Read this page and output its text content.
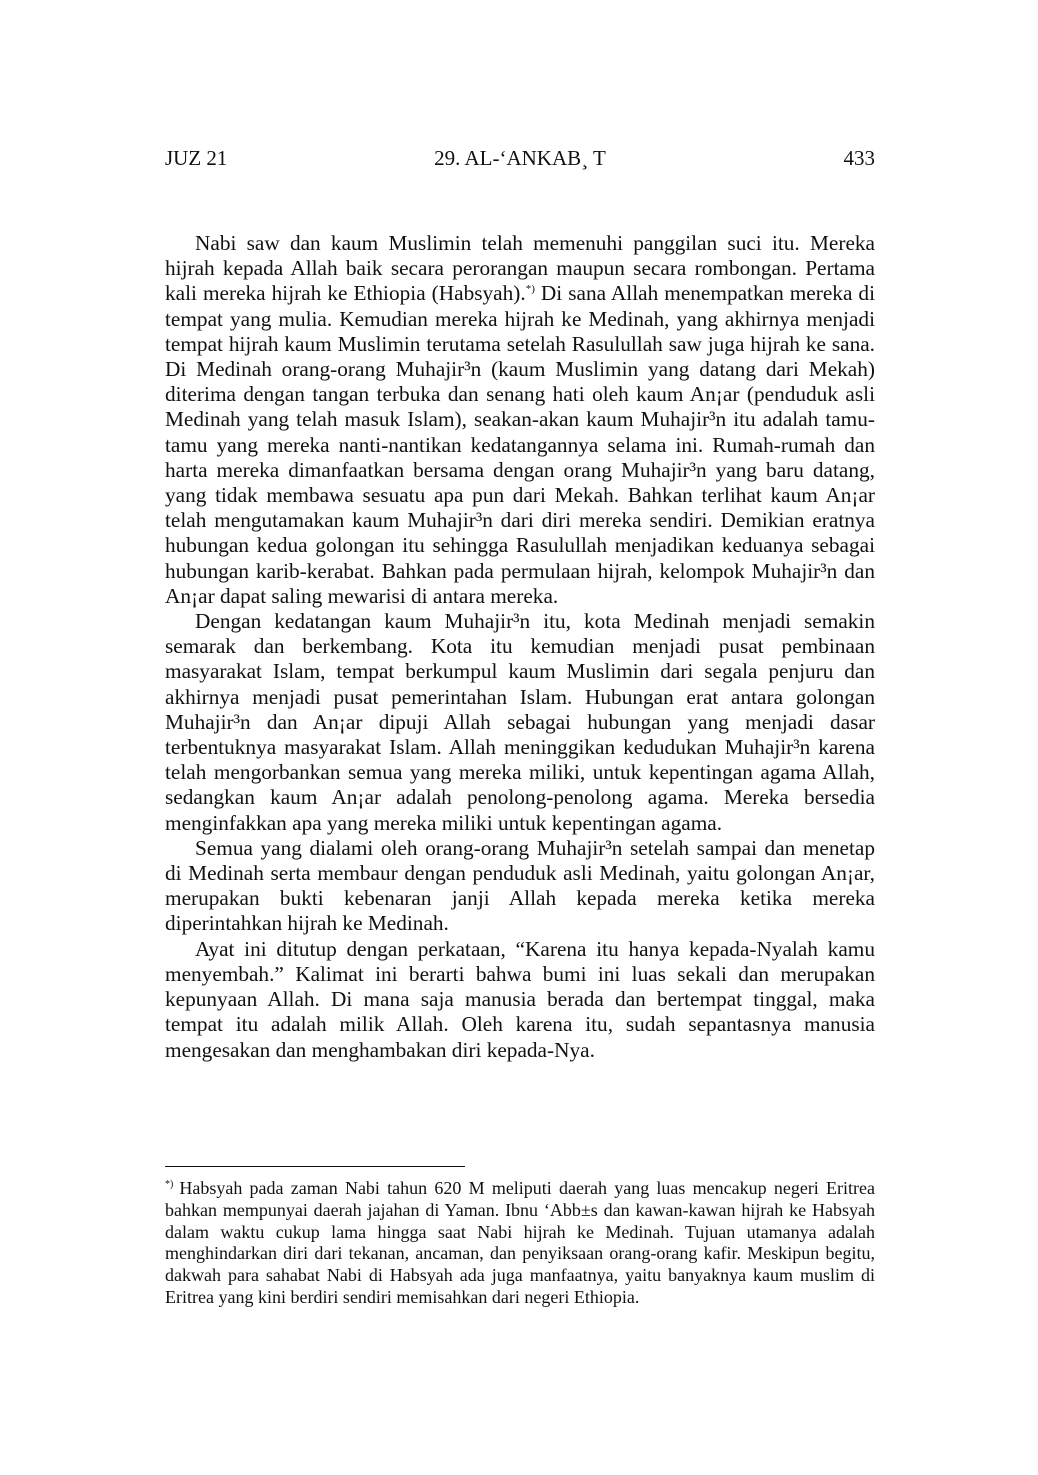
JUZ 21	29. AL-‘ANKAB¸ T	433

Nabi saw dan kaum Muslimin telah memenuhi panggilan suci itu. Mereka hijrah kepada Allah baik secara perorangan maupun secara rombongan. Pertama kali mereka hijrah ke Ethiopia (Habsyah).*) Di sana Allah menempatkan mereka di tempat yang mulia. Kemudian mereka hijrah ke Medinah, yang akhirnya menjadi tempat hijrah kaum Muslimin terutama setelah Rasulullah saw juga hijrah ke sana. Di Medinah orang-orang Muhajir³n (kaum Muslimin yang datang dari Mekah) diterima dengan tangan terbuka dan senang hati oleh kaum An¡ar (penduduk asli Medinah yang telah masuk Islam), seakan-akan kaum Muhajir³n itu adalah tamu-tamu yang mereka nanti-nantikan kedatangannya selama ini. Rumah-rumah dan harta mereka dimanfaatkan bersama dengan orang Muhajir³n yang baru datang, yang tidak membawa sesuatu apa pun dari Mekah. Bahkan terlihat kaum An¡ar telah mengutamakan kaum Muhajir³n dari diri mereka sendiri. Demikian eratnya hubungan kedua golongan itu sehingga Rasulullah menjadikan keduanya sebagai hubungan karib-kerabat. Bahkan pada permulaan hijrah, kelompok Muhajir³n dan An¡ar dapat saling mewarisi di antara mereka.

Dengan kedatangan kaum Muhajir³n itu, kota Medinah menjadi semakin semarak dan berkembang. Kota itu kemudian menjadi pusat pembinaan masyarakat Islam, tempat berkumpul kaum Muslimin dari segala penjuru dan akhirnya menjadi pusat pemerintahan Islam. Hubungan erat antara golongan Muhajir³n dan An¡ar dipuji Allah sebagai hubungan yang menjadi dasar terbentuknya masyarakat Islam. Allah meninggikan kedudukan Muhajir³n karena telah mengorbankan semua yang mereka miliki, untuk kepentingan agama Allah, sedangkan kaum An¡ar adalah penolong-penolong agama. Mereka bersedia menginfakkan apa yang mereka miliki untuk kepentingan agama.

Semua yang dialami oleh orang-orang Muhajir³n setelah sampai dan menetap di Medinah serta membaur dengan penduduk asli Medinah, yaitu golongan An¡ar, merupakan bukti kebenaran janji Allah kepada mereka ketika mereka diperintahkan hijrah ke Medinah.

Ayat ini ditutup dengan perkataan, “Karena itu hanya kepada-Nyalah kamu menyembah.” Kalimat ini berarti bahwa bumi ini luas sekali dan merupakan kepunyaan Allah. Di mana saja manusia berada dan bertempat tinggal, maka tempat itu adalah milik Allah. Oleh karena itu, sudah sepantasnya manusia mengesakan dan menghambakan diri kepada-Nya.

*) Habsyah pada zaman Nabi tahun 620 M meliputi daerah yang luas mencakup negeri Eritrea bahkan mempunyai daerah jajahan di Yaman. Ibnu ‘Abb±s dan kawan-kawan hijrah ke Habsyah dalam waktu cukup lama hingga saat Nabi hijrah ke Medinah. Tujuan utamanya adalah menghindarkan diri dari tekanan, ancaman, dan penyiksaan orang-orang kafir. Meskipun begitu, dakwah para sahabat Nabi di Habsyah ada juga manfaatnya, yaitu banyaknya kaum muslim di Eritrea yang kini berdiri sendiri memisahkan dari negeri Ethiopia.
